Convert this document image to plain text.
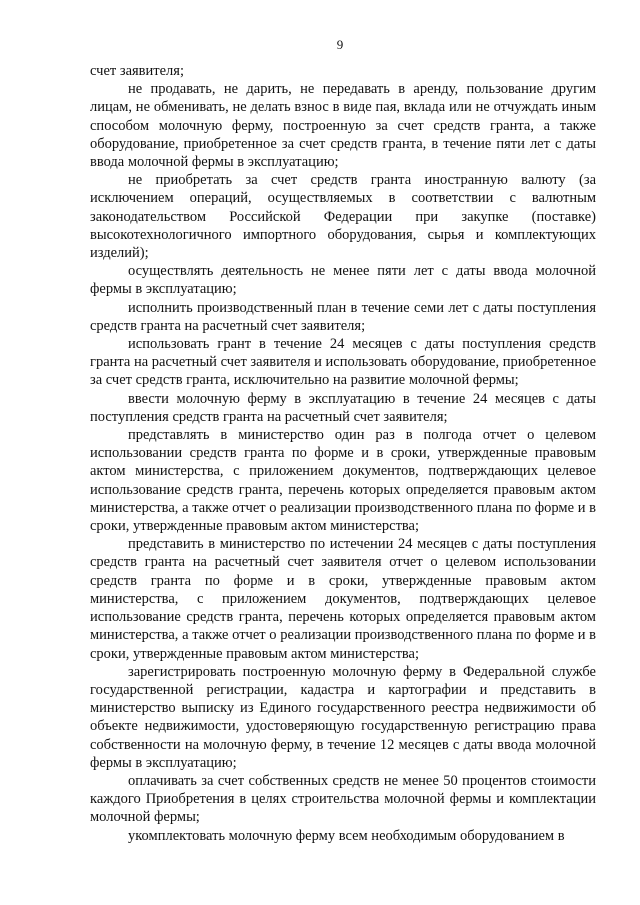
9

счет заявителя;

не продавать, не дарить, не передавать в аренду, пользование другим лицам, не обменивать, не делать взнос в виде пая, вклада или не отчуждать иным способом молочную ферму, построенную за счет средств гранта, а также оборудование, приобретенное за счет средств гранта, в течение пяти лет с даты ввода молочной фермы в эксплуатацию;

не приобретать за счет средств гранта иностранную валюту (за исключением операций, осуществляемых в соответствии с валютным законодательством Российской Федерации при закупке (поставке) высокотехнологичного импортного оборудования, сырья и комплектующих изделий);

осуществлять деятельность не менее пяти лет с даты ввода молочной фермы в эксплуатацию;

исполнить производственный план в течение семи лет с даты поступления средств гранта на расчетный счет заявителя;

использовать грант в течение 24 месяцев с даты поступления средств гранта на расчетный счет заявителя и использовать оборудование, приобретенное за счет средств гранта, исключительно на развитие молочной фермы;

ввести молочную ферму в эксплуатацию в течение 24 месяцев с даты поступления средств гранта на расчетный счет заявителя;

представлять в министерство один раз в полгода отчет о целевом использовании средств гранта по форме и в сроки, утвержденные правовым актом министерства, с приложением документов, подтверждающих целевое использование средств гранта, перечень которых определяется правовым актом министерства, а также отчет о реализации производственного плана по форме и в сроки, утвержденные правовым актом министерства;

представить в министерство по истечении 24 месяцев с даты поступления средств гранта на расчетный счет заявителя отчет о целевом использовании средств гранта по форме и в сроки, утвержденные правовым актом министерства, с приложением документов, подтверждающих целевое использование средств гранта, перечень которых определяется правовым актом министерства, а также отчет о реализации производственного плана по форме и в сроки, утвержденные правовым актом министерства;

зарегистрировать построенную молочную ферму в Федеральной службе государственной регистрации, кадастра и картографии и представить в министерство выписку из Единого государственного реестра недвижимости об объекте недвижимости, удостоверяющую государственную регистрацию права собственности на молочную ферму, в течение 12 месяцев с даты ввода молочной фермы в эксплуатацию;

оплачивать за счет собственных средств не менее 50 процентов стоимости каждого Приобретения в целях строительства молочной фермы и комплектации молочной фермы;

укомплектовать молочную ферму всем необходимым оборудованием в
